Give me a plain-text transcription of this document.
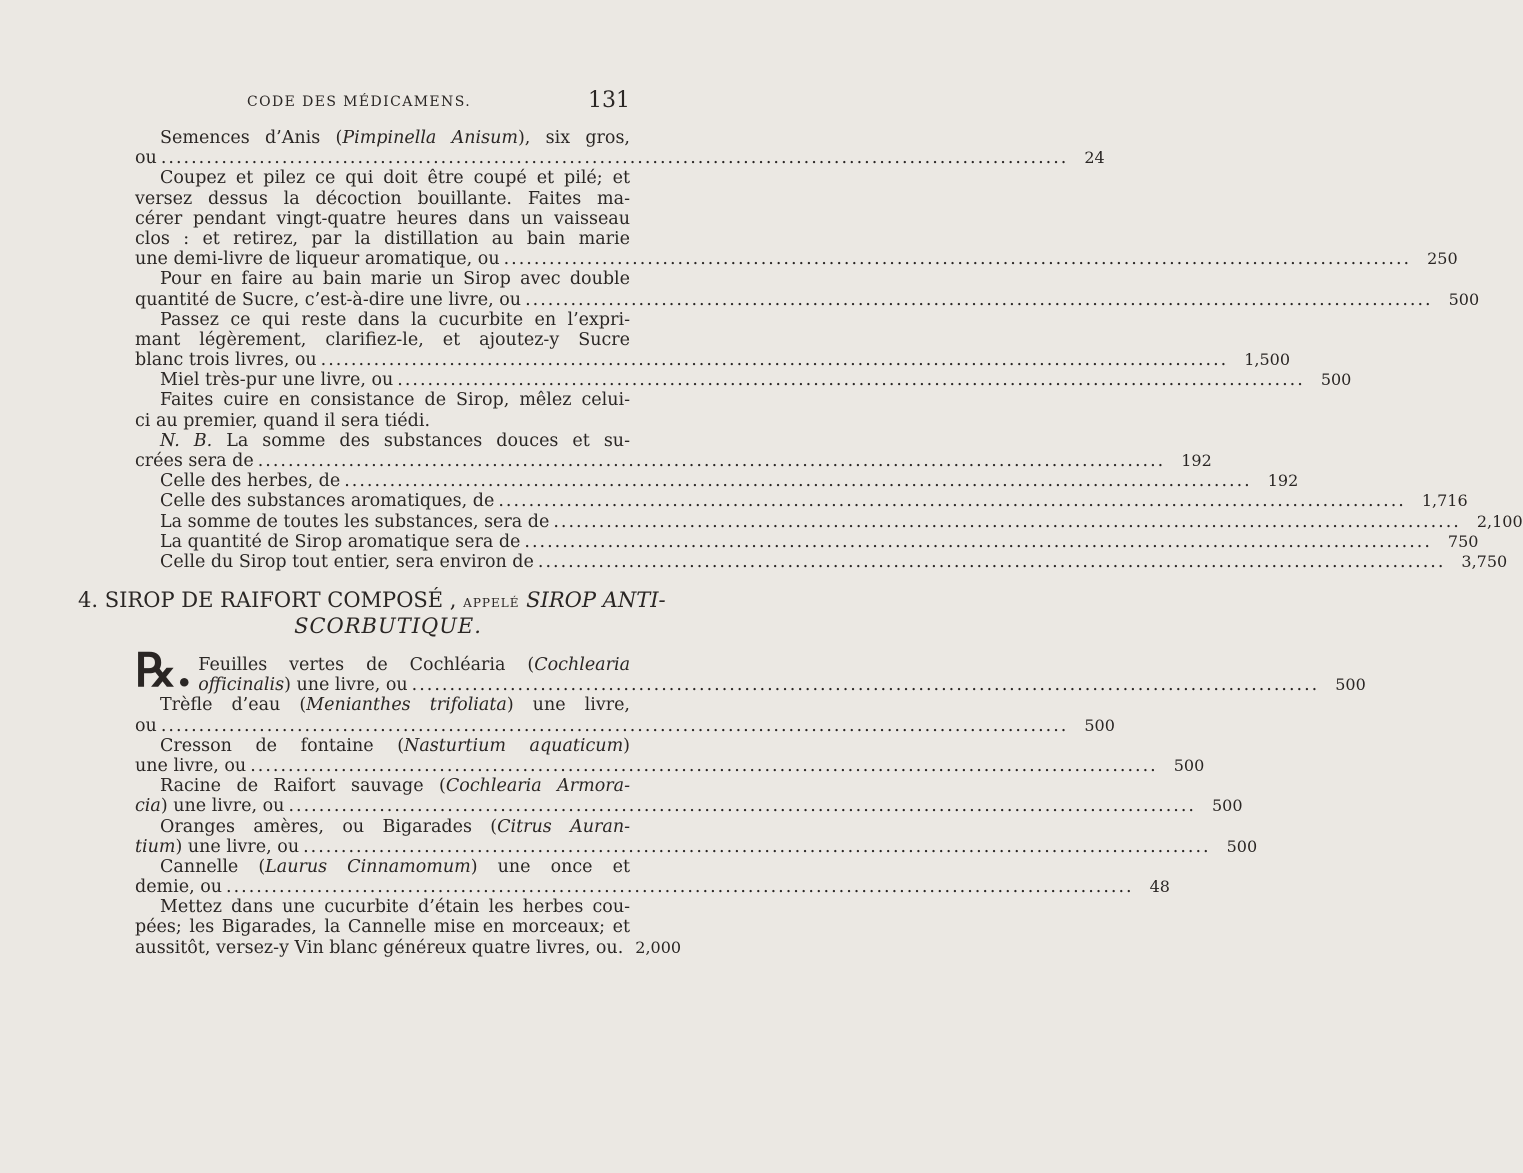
CODE DES MÉDICAMENS.	131
Semences d’Anis (Pimpinella Anisum), six gros,
ou ........................................................................................................................ 24
Coupez et pilez ce qui doit être coupé et pilé; et
versez dessus la décoction bouillante. Faites ma-
cérer pendant vingt-quatre heures dans un vaisseau
clos : et retirez, par la distillation au bain marie
une demi-livre de liqueur aromatique, ou ........................................................................................................................ 250
Pour en faire au bain marie un Sirop avec double
quantité de Sucre, c’est-à-dire une livre, ou ........................................................................................................................ 500
Passez ce qui reste dans la cucurbite en l’expri-
mant légèrement, clarifiez-le, et ajoutez-y Sucre
blanc trois livres, ou ........................................................................................................................ 1,500
Miel très-pur une livre, ou ........................................................................................................................ 500
Faites cuire en consistance de Sirop, mêlez celui-
ci au premier, quand il sera tiédi.
N. B. La somme des substances douces et su-
crées sera de ........................................................................................................................ 192
Celle des herbes, de ........................................................................................................................ 192
Celle des substances aromatiques, de ........................................................................................................................ 1,716
La somme de toutes les substances, sera de ........................................................................................................................ 2,100
La quantité de Sirop aromatique sera de ........................................................................................................................ 750
Celle du Sirop tout entier, sera environ de ........................................................................................................................ 3,750
4. SIROP DE RAIFORT COMPOSÉ , APPELÉ SIROP ANTI-
SCORBUTIQUE.
℞. Feuilles vertes de Cochléaria (Cochlearia
officinalis) une livre, ou ........................................................................................................................ 500
Trèfle d’eau (Menianthes trifoliata) une livre,
ou ........................................................................................................................ 500
Cresson de fontaine (Nasturtium aquaticum)
une livre, ou ........................................................................................................................ 500
Racine de Raifort sauvage (Cochlearia Armora-
cia) une livre, ou ........................................................................................................................ 500
Oranges amères, ou Bigarades (Citrus Auran-
tium) une livre, ou ........................................................................................................................ 500
Cannelle (Laurus Cinnamomum) une once et
demie, ou ........................................................................................................................ 48
Mettez dans une cucurbite d’étain les herbes cou-
pées; les Bigarades, la Cannelle mise en morceaux; et
aussitôt, versez-y Vin blanc généreux quatre livres, ou. 2,000
